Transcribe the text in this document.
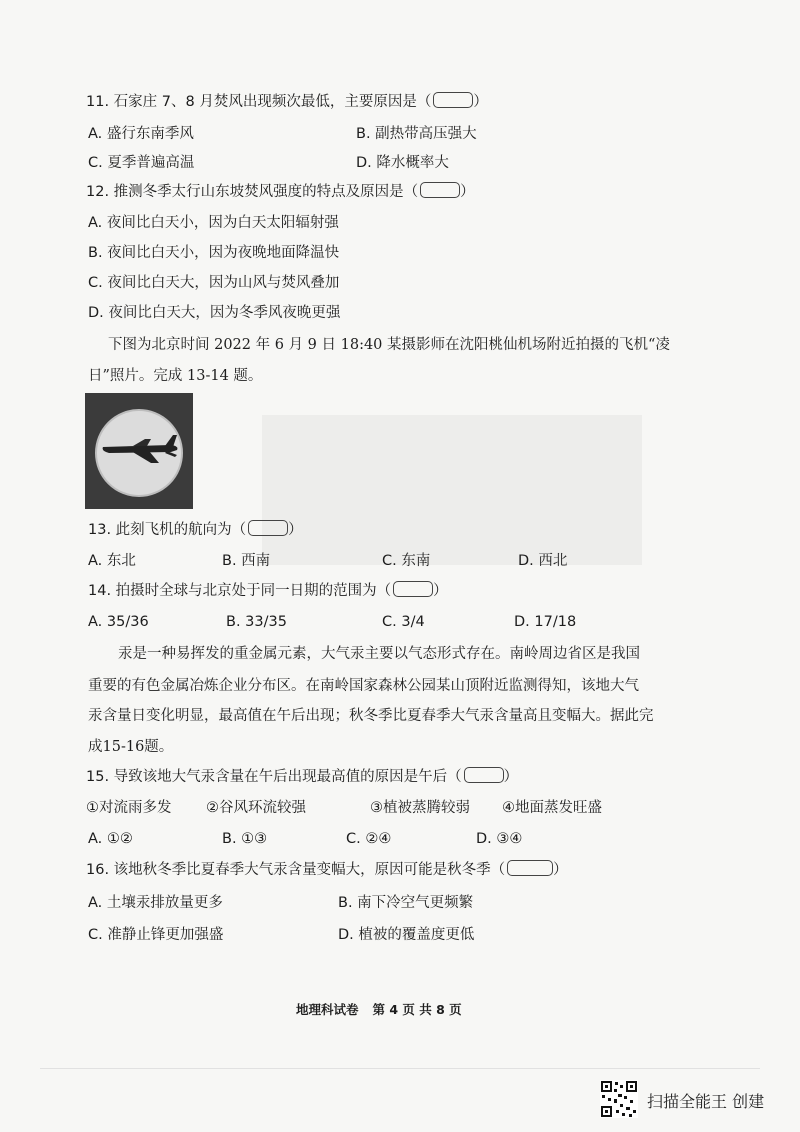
11. 石家庄 7、8 月焚风出现频次最低，主要原因是（	）
A. 盛行东南季风	B. 副热带高压强大
C. 夏季普遍高温	D. 降水概率大
12. 推测冬季太行山东坡焚风强度的特点及原因是（	）
A. 夜间比白天小，因为白天太阳辐射强
B. 夜间比白天小，因为夜晚地面降温快
C. 夜间比白天大，因为山风与焚风叠加
D. 夜间比白天大，因为冬季风夜晚更强
下图为北京时间 2022 年 6 月 9 日 18:40 某摄影师在沈阳桃仙机场附近拍摄的飞机“凌
日”照片。完成 13-14 题。
13. 此刻飞机的航向为（	）
A. 东北	B. 西南	C. 东南	D. 西北
14. 拍摄时全球与北京处于同一日期的范围为（	）
A. 35/36	B. 33/35	C. 3/4	D. 17/18
汞是一种易挥发的重金属元素，大气汞主要以气态形式存在。南岭周边省区是我国
重要的有色金属冶炼企业分布区。在南岭国家森林公园某山顶附近监测得知，该地大气
汞含量日变化明显，最高值在午后出现；秋冬季比夏春季大气汞含量高且变幅大。据此完
成15-16题。
15. 导致该地大气汞含量在午后出现最高值的原因是午后（	）
①对流雨多发 ②谷风环流较强	③植被蒸腾较弱 ④地面蒸发旺盛
A. ①②	B. ①③	C. ②④	D. ③④
16. 该地秋冬季比夏春季大气汞含量变幅大，原因可能是秋冬季（	）
A. 土壤汞排放量更多	B. 南下冷空气更频繁
C. 准静止锋更加强盛	D. 植被的覆盖度更低
地理科试卷 第 4 页 共 8 页
扫描全能王 创建
